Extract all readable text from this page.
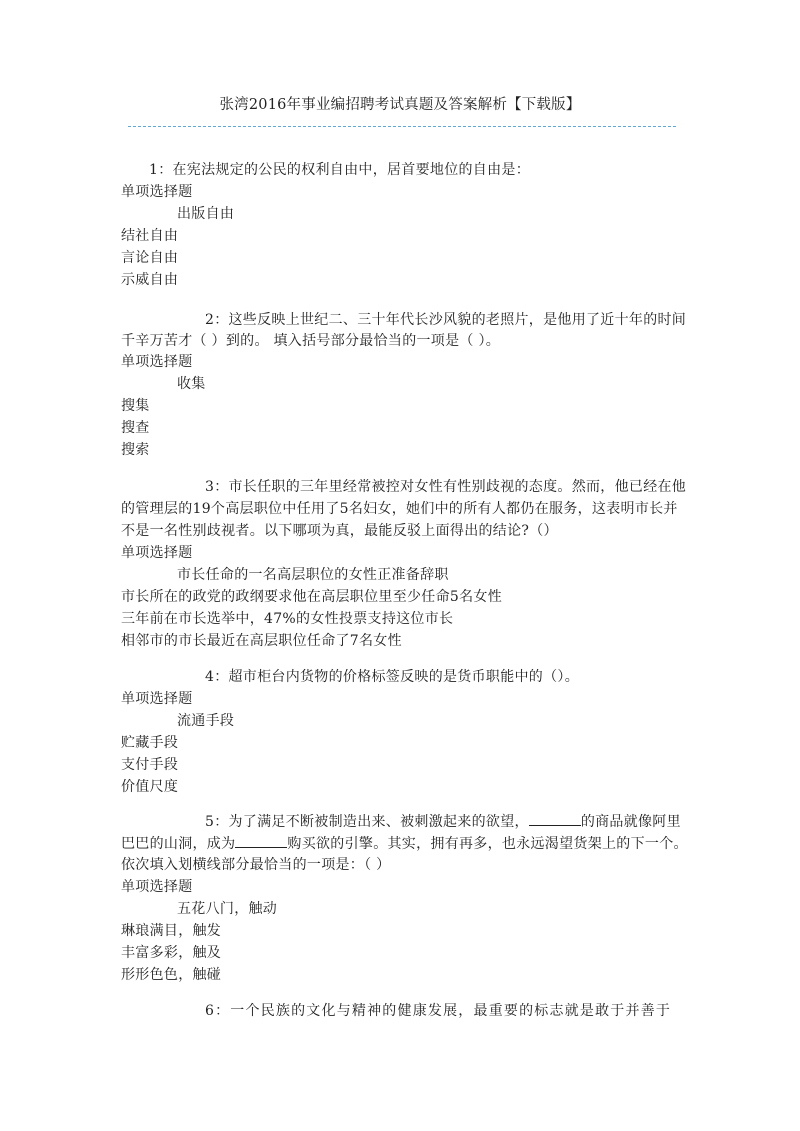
张湾2016年事业编招聘考试真题及答案解析【下载版】
1：在宪法规定的公民的权利自由中，居首要地位的自由是：
单项选择题
出版自由
结社自由
言论自由
示威自由
2：这些反映上世纪二、三十年代长沙风貌的老照片，是他用了近十年的时间
千辛万苦才（ ）到的。 填入括号部分最恰当的一项是（ ）。
单项选择题
收集
搜集
搜查
搜索
3：市长任职的三年里经常被控对女性有性别歧视的态度。然而，他已经在他
的管理层的19个高层职位中任用了5名妇女，她们中的所有人都仍在服务，这表明市长并
不是一名性别歧视者。以下哪项为真，最能反驳上面得出的结论?（）
单项选择题
市长任命的一名高层职位的女性正准备辞职
市长所在的政党的政纲要求他在高层职位里至少任命5名女性
三年前在市长选举中，47%的女性投票支持这位市长
相邻市的市长最近在高层职位任命了7名女性
4：超市柜台内货物的价格标签反映的是货币职能中的（）。
单项选择题
流通手段
贮藏手段
支付手段
价值尺度
5：为了满足不断被制造出来、被刺激起来的欲望，	的商品就像阿里
巴巴的山洞，成为	购买欲的引擎。其实，拥有再多，也永远渴望货架上的下一个。
依次填入划横线部分最恰当的一项是：（ ）
单项选择题
五花八门，触动
琳琅满目，触发
丰富多彩，触及
形形色色，触碰
6：一个民族的文化与精神的健康发展，最重要的标志就是敢于并善于
